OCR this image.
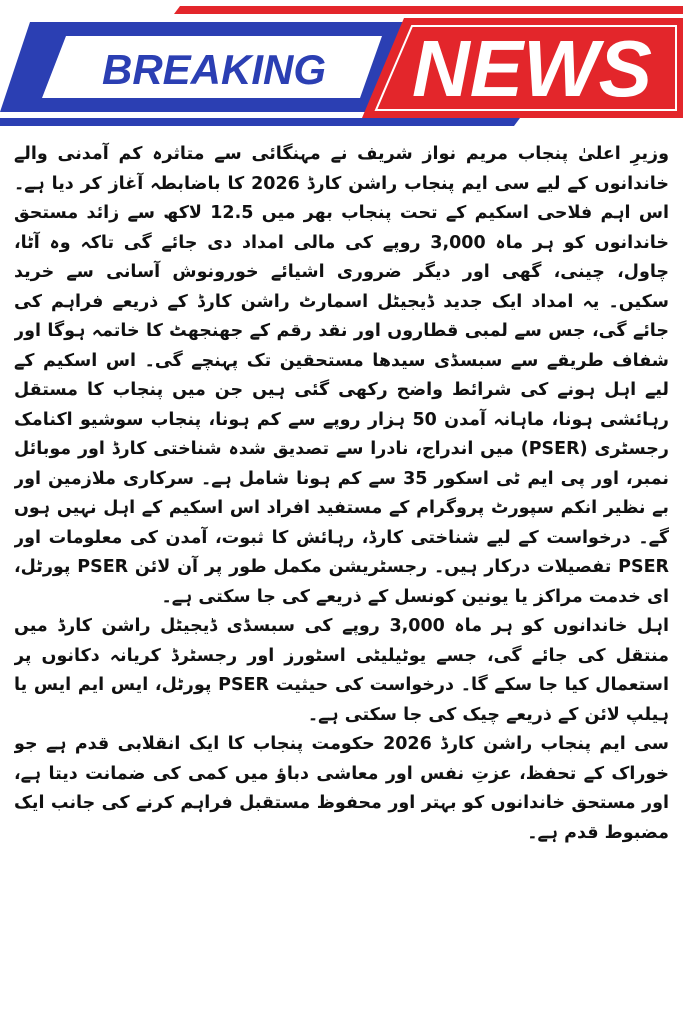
BREAKING NEWS

وزیرِ اعلیٰ پنجاب مریم نواز شریف نے مہنگائی سے متاثرہ کم آمدنی والے خاندانوں کے لیے سی ایم پنجاب راشن کارڈ 2026 کا باضابطہ آغاز کر دیا ہے۔ اس اہم فلاحی اسکیم کے تحت پنجاب بھر میں 12.5 لاکھ سے زائد مستحق خاندانوں کو ہر ماہ 3,000 روپے کی مالی امداد دی جائے گی تاکہ وہ آٹا، چاول، چینی، گھی اور دیگر ضروری اشیائے خورونوش آسانی سے خرید سکیں۔ یہ امداد ایک جدید ڈیجیٹل اسمارٹ راشن کارڈ کے ذریعے فراہم کی جائے گی، جس سے لمبی قطاروں اور نقد رقم کے جھنجھٹ کا خاتمہ ہوگا اور شفاف طریقے سے سبسڈی سیدھا مستحقین تک پہنچے گی۔

اس اسکیم کے لیے اہل ہونے کی شرائط واضح رکھی گئی ہیں جن میں پنجاب کا مستقل رہائشی ہونا، ماہانہ آمدن 50 ہزار روپے سے کم ہونا، پنجاب سوشیو اکنامک رجسٹری (PSER) میں اندراج، نادرا سے تصدیق شدہ شناختی کارڈ اور موبائل نمبر، اور پی ایم ٹی اسکور 35 سے کم ہونا شامل ہے۔ سرکاری ملازمین اور بے نظیر انکم سپورٹ پروگرام کے مستفید افراد اس اسکیم کے اہل نہیں ہوں گے۔ درخواست کے لیے شناختی کارڈ، رہائش کا ثبوت، آمدن کی معلومات اور PSER تفصیلات درکار ہیں۔ رجسٹریشن مکمل طور پر آن لائن PSER پورٹل، ای خدمت مراکز یا یونین کونسل کے ذریعے کی جا سکتی ہے۔

اہل خاندانوں کو ہر ماہ 3,000 روپے کی سبسڈی ڈیجیٹل راشن کارڈ میں منتقل کی جائے گی، جسے یوٹیلیٹی اسٹورز اور رجسٹرڈ کریانہ دکانوں پر استعمال کیا جا سکے گا۔ درخواست کی حیثیت PSER پورٹل، ایس ایم ایس یا ہیلپ لائن کے ذریعے چیک کی جا سکتی ہے۔

سی ایم پنجاب راشن کارڈ 2026 حکومت پنجاب کا ایک انقلابی قدم ہے جو خوراک کے تحفظ، عزتِ نفس اور معاشی دباؤ میں کمی کی ضمانت دیتا ہے، اور مستحق خاندانوں کو بہتر اور محفوظ مستقبل فراہم کرنے کی جانب ایک مضبوط قدم ہے۔
